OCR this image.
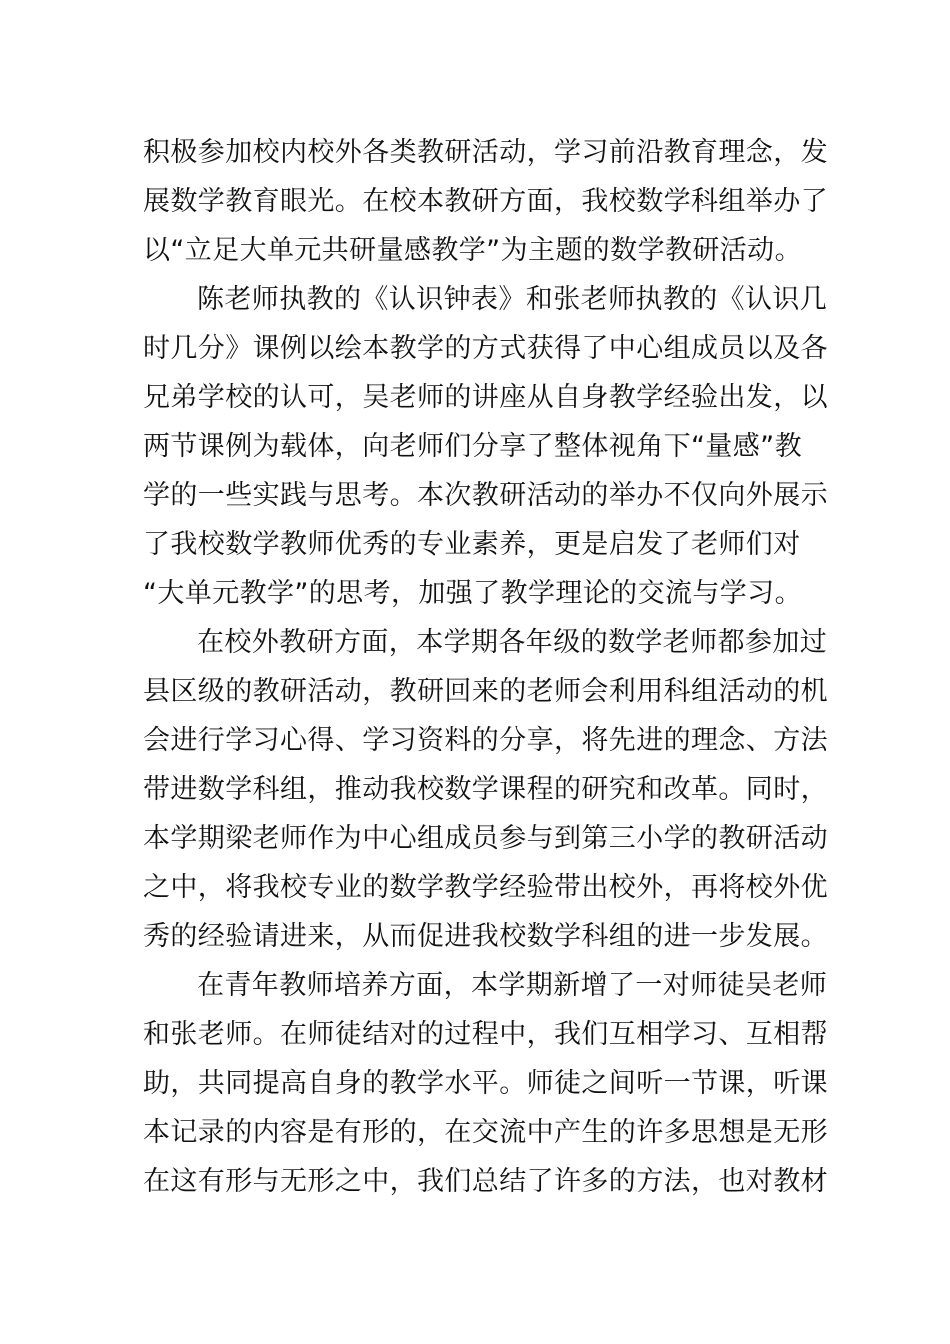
积极参加校内校外各类教研活动，学习前沿教育理念，发
展数学教育眼光。在校本教研方面，我校数学科组举办了
以“立足大单元共研量感教学”为主题的数学教研活动。
陈老师执教的《认识钟表》和张老师执教的《认识几
时几分》课例以绘本教学的方式获得了中心组成员以及各
兄弟学校的认可，吴老师的讲座从自身教学经验出发，以
两节课例为载体，向老师们分享了整体视角下“量感”教
学的一些实践与思考。本次教研活动的举办不仅向外展示
了我校数学教师优秀的专业素养，更是启发了老师们对
“大单元教学”的思考，加强了教学理论的交流与学习。
在校外教研方面，本学期各年级的数学老师都参加过
县区级的教研活动，教研回来的老师会利用科组活动的机
会进行学习心得、学习资料的分享，将先进的理念、方法
带进数学科组，推动我校数学课程的研究和改革。同时，
本学期梁老师作为中心组成员参与到第三小学的教研活动
之中，将我校专业的数学教学经验带出校外，再将校外优
秀的经验请进来，从而促进我校数学科组的进一步发展。
在青年教师培养方面，本学期新增了一对师徒吴老师
和张老师。在师徒结对的过程中，我们互相学习、互相帮
助，共同提高自身的教学水平。师徒之间听一节课，听课
本记录的内容是有形的，在交流中产生的许多思想是无形
在这有形与无形之中，我们总结了许多的方法，也对教材
